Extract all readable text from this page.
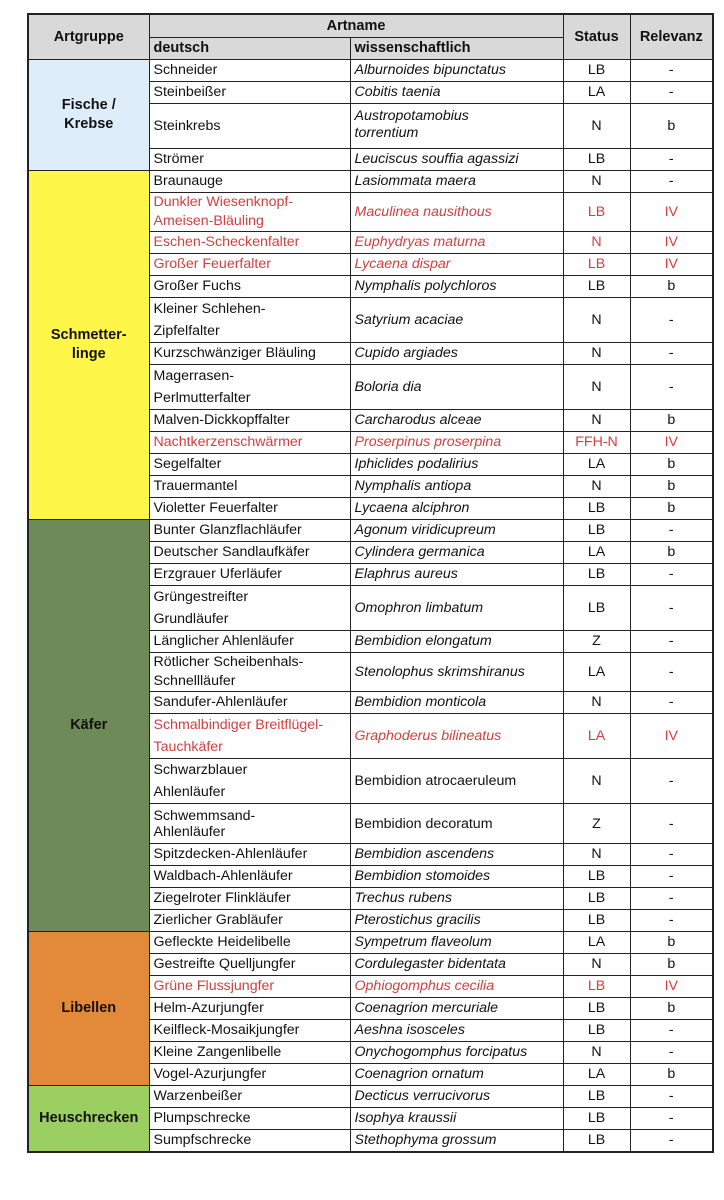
Artgruppe	Artname		Status	Relevanz
	deutsch	wissenschaftlich		
Fische / Krebse	Schneider	Alburnoides bipunctatus	LB	-
	Steinbeißer	Cobitis taenia	LA	-
	Steinkrebs	Austropotamobius torrentium	N	b
	Strömer	Leuciscus souffia agassizi	LB	-
Schmetter-linge	Braunauge	Lasiommata maera	N	-
	Dunkler Wiesenknopf-Ameisen-Bläuling	Maculinea nausithous	LB	IV
	Eschen-Scheckenfalter	Euphydryas maturna	N	IV
	Großer Feuerfalter	Lycaena dispar	LB	IV
	Großer Fuchs	Nymphalis polychloros	LB	b
	Kleiner Schlehen-Zipfelfalter	Satyrium acaciae	N	-
	Kurzschwänziger Bläuling	Cupido argiades	N	-
	Magerrasen-Perlmutterfalter	Boloria dia	N	-
	Malven-Dickkopffalter	Carcharodus alceae	N	b
	Nachtkerzenschwärmer	Proserpinus proserpina	FFH-N	IV
	Segelfalter	Iphiclides podalirius	LA	b
	Trauermantel	Nymphalis antiopa	N	b
	Violetter Feuerfalter	Lycaena alciphron	LB	b
Käfer	Bunter Glanzflachläufer	Agonum viridicupreum	LB	-
	Deutscher Sandlaufkäfer	Cylindera germanica	LA	b
	Erzgrauer Uferläufer	Elaphrus aureus	LB	-
	Grüngestreifter Grundläufer	Omophron limbatum	LB	-
	Länglicher Ahlenläufer	Bembidion elongatum	Z	-
	Rötlicher Scheibenhals-Schnellläufer	Stenolophus skrimshiranus	LA	-
	Sandufer-Ahlenläufer	Bembidion monticola	N	-
	Schmalbindiger Breitflügel-Tauchkäfer	Graphoderus bilineatus	LA	IV
	Schwarzblauer Ahlenläufer	Bembidion atrocaeruleum	N	-
	Schwemmsand-Ahlenläufer	Bembidion decoratum	Z	-
	Spitzdecken-Ahlenläufer	Bembidion ascendens	N	-
	Waldbach-Ahlenläufer	Bembidion stomoides	LB	-
	Ziegelroter Flinkläufer	Trechus rubens	LB	-
	Zierlicher Grabläufer	Pterostichus gracilis	LB	-
Libellen	Gefleckte Heidelibelle	Sympetrum flaveolum	LA	b
	Gestreifte Quelljungfer	Cordulegaster bidentata	N	b
	Grüne Flussjungfer	Ophiogomphus cecilia	LB	IV
	Helm-Azurjungfer	Coenagrion mercuriale	LB	b
	Keilfleck-Mosaikjungfer	Aeshna isosceles	LB	-
	Kleine Zangenlibelle	Onychogomphus forcipatus	N	-
	Vogel-Azurjungfer	Coenagrion ornatum	LA	b
Heuschrecken	Warzenbeißer	Decticus verrucivorus	LB	-
	Plumpschrecke	Isophya kraussii	LB	-
	Sumpfschrecke	Stethophyma grossum	LB	-
